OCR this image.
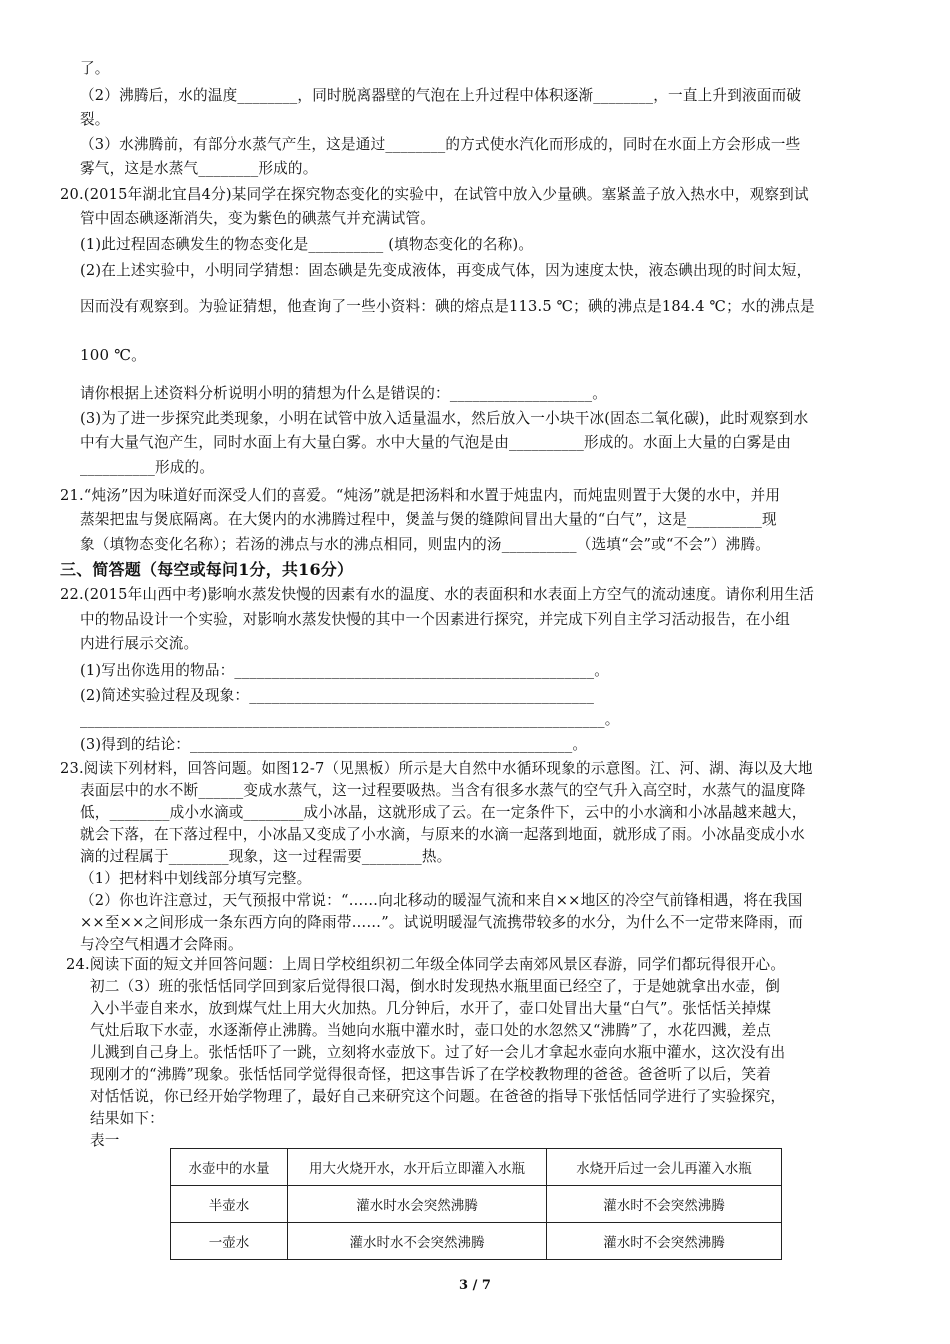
了。
（2）沸腾后，水的温度________，同时脱离器壁的气泡在上升过程中体积逐渐________，一直上升到液面而破
裂。
（3）水沸腾前，有部分水蒸气产生，这是通过________的方式使水汽化而形成的，同时在水面上方会形成一些
雾气，这是水蒸气________形成的。
20.(2015年湖北宜昌4分)某同学在探究物态变化的实验中，在试管中放入少量碘。塞紧盖子放入热水中，观察到试
管中固态碘逐渐消失，变为紫色的碘蒸气并充满试管。
(1)此过程固态碘发生的物态变化是__________ (填物态变化的名称)。
(2)在上述实验中，小明同学猜想：固态碘是先变成液体，再变成气体，因为速度太快，液态碘出现的时间太短，
因而没有观察到。为验证猜想，他查询了一些小资料：碘的熔点是113.5 ℃；碘的沸点是184.4 ℃；水的沸点是
100 ℃。
请你根据上述资料分析说明小明的猜想为什么是错误的：___________________。
(3)为了进一步探究此类现象，小明在试管中放入适量温水，然后放入一小块干冰(固态二氧化碳)，此时观察到水
中有大量气泡产生，同时水面上有大量白雾。水中大量的气泡是由__________形成的。水面上大量的白雾是由
__________形成的。
21.“炖汤”因为味道好而深受人们的喜爱。“炖汤”就是把汤料和水置于炖盅内，而炖盅则置于大煲的水中，并用
蒸架把盅与煲底隔离。在大煲内的水沸腾过程中，煲盖与煲的缝隙间冒出大量的“白气”，这是__________现
象（填物态变化名称）；若汤的沸点与水的沸点相同，则盅内的汤__________（选填“会”或“不会”）沸腾。
三、简答题（每空或每问1分，共16分）
22.(2015年山西中考)影响水蒸发快慢的因素有水的温度、水的表面积和水表面上方空气的流动速度。请你利用生活
中的物品设计一个实验，对影响水蒸发快慢的其中一个因素进行探究，并完成下列自主学习活动报告，在小组
内进行展示交流。
(1)写出你选用的物品：________________________________________________。
(2)简述实验过程及现象：______________________________________________
______________________________________________________________________。
(3)得到的结论：___________________________________________________。
23.阅读下列材料，回答问题。如图12-7（见黑板）所示是大自然中水循环现象的示意图。江、河、湖、海以及大地
表面层中的水不断______变成水蒸气，这一过程要吸热。当含有很多水蒸气的空气升入高空时，水蒸气的温度降
低，________成小水滴或________成小冰晶，这就形成了云。在一定条件下，云中的小水滴和小冰晶越来越大，
就会下落，在下落过程中，小冰晶又变成了小水滴，与原来的水滴一起落到地面，就形成了雨。小冰晶变成小水
滴的过程属于________现象，这一过程需要________热。
（1）把材料中划线部分填写完整。
（2）你也许注意过，天气预报中常说：“……向北移动的暖湿气流和来自××地区的冷空气前锋相遇，将在我国
××至××之间形成一条东西方向的降雨带……”。试说明暖湿气流携带较多的水分，为什么不一定带来降雨，而
与冷空气相遇才会降雨。
24.阅读下面的短文并回答问题：上周日学校组织初二年级全体同学去南郊风景区春游，同学们都玩得很开心。
初二（3）班的张恬恬同学回到家后觉得很口渴，倒水时发现热水瓶里面已经空了，于是她就拿出水壶，倒
入小半壶自来水，放到煤气灶上用大火加热。几分钟后，水开了，壶口处冒出大量“白气”。张恬恬关掉煤
气灶后取下水壶，水逐渐停止沸腾。当她向水瓶中灌水时，壶口处的水忽然又“沸腾”了，水花四溅，差点
儿溅到自己身上。张恬恬吓了一跳，立刻将水壶放下。过了好一会儿才拿起水壶向水瓶中灌水，这次没有出
现刚才的“沸腾”现象。张恬恬同学觉得很奇怪，把这事告诉了在学校教物理的爸爸。爸爸听了以后，笑着
对恬恬说，你已经开始学物理了，最好自己来研究这个问题。在爸爸的指导下张恬恬同学进行了实验探究，
结果如下：
表一
水壶中的水量	用大火烧开水，水开后立即灌入水瓶	水烧开后过一会儿再灌入水瓶
半壶水	灌水时水会突然沸腾	灌水时不会突然沸腾
一壶水	灌水时水不会突然沸腾	灌水时不会突然沸腾
3 / 7
